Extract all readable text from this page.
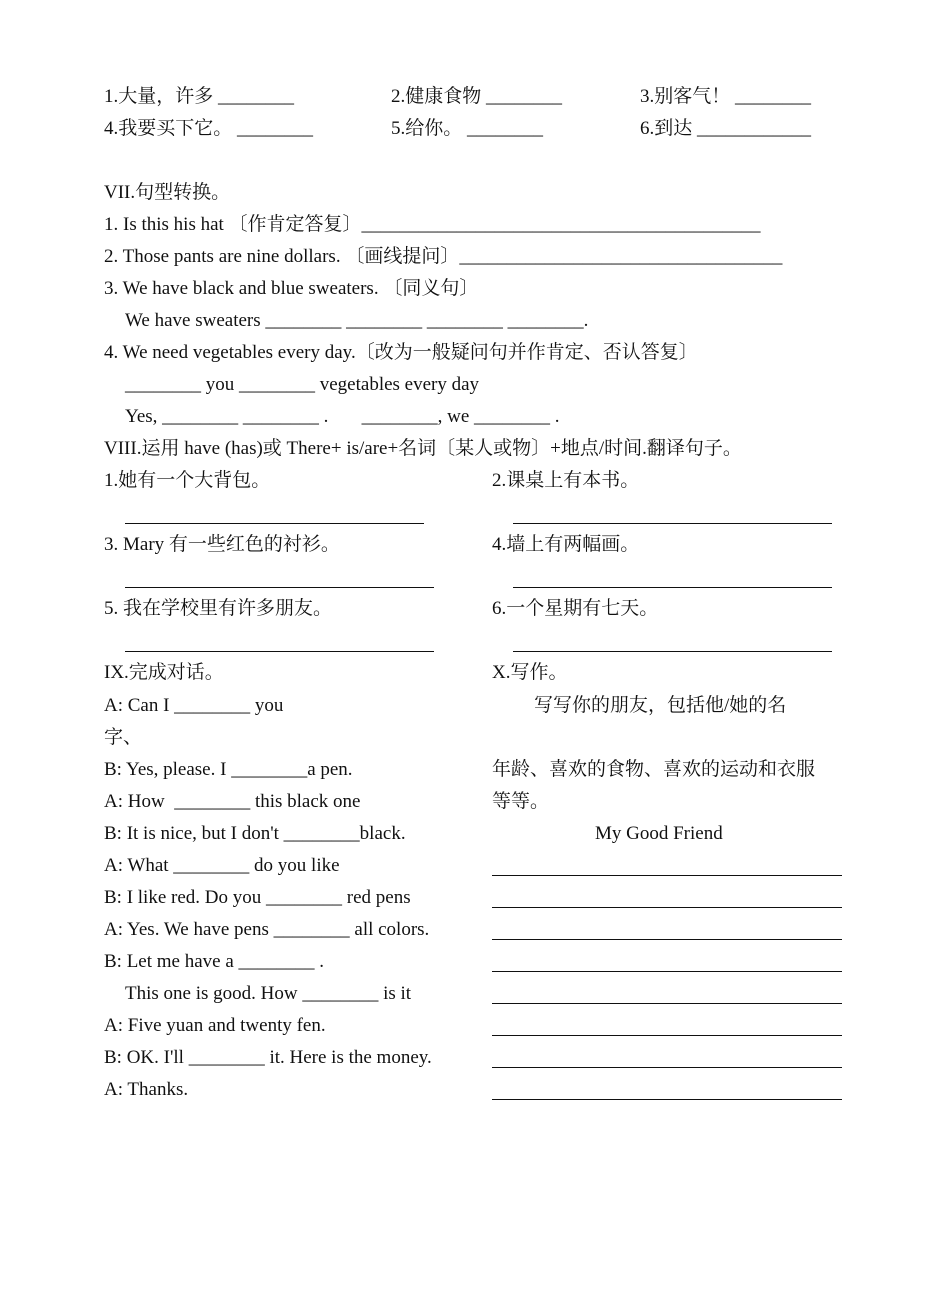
1.大量，许多 ________	2.健康食物 ________	3.别客气！ ________
4.我要买下它。 ________	5.给你。 ________	6.到达 ____________
VII.句型转换。
1. Is this his hat 〔作肯定答复〕__________________________________________
2. Those pants are nine dollars. 〔画线提问〕__________________________________
3. We have black and blue sweaters. 〔同义句〕
We have sweaters ________ ________ ________ ________.
4. We need vegetables every day.〔改为一般疑问句并作肯定、否认答复〕
________ you ________ vegetables every day
Yes, ________ ________ .       ________, we ________ .
VIII.运用 have (has)或 There+ is/are+名词〔某人或物〕+地点/时间.翻译句子。
1.她有一个大背包。	2.课桌上有本书。
3. Mary 有一些红色的衬衫。	4.墙上有两幅画。
5. 我在学校里有许多朋友。	6.一个星期有七天。
IX.完成对话。
A: Can I ________ you
字、
B: Yes, please. I ________a pen.
A: How  ________ this black one
B: It is nice, but I don't ________black.
A: What ________ do you like
B: I like red. Do you ________ red pens
A: Yes. We have pens ________ all colors.
B: Let me have a ________ .
This one is good. How ________ is it
A: Five yuan and twenty fen.
B: OK. I'll ________ it. Here is the money.
A: Thanks.
X.写作。
写写你的朋友，包括他/她的名
年龄、喜欢的食物、喜欢的运动和衣服
等等。
My Good Friend
